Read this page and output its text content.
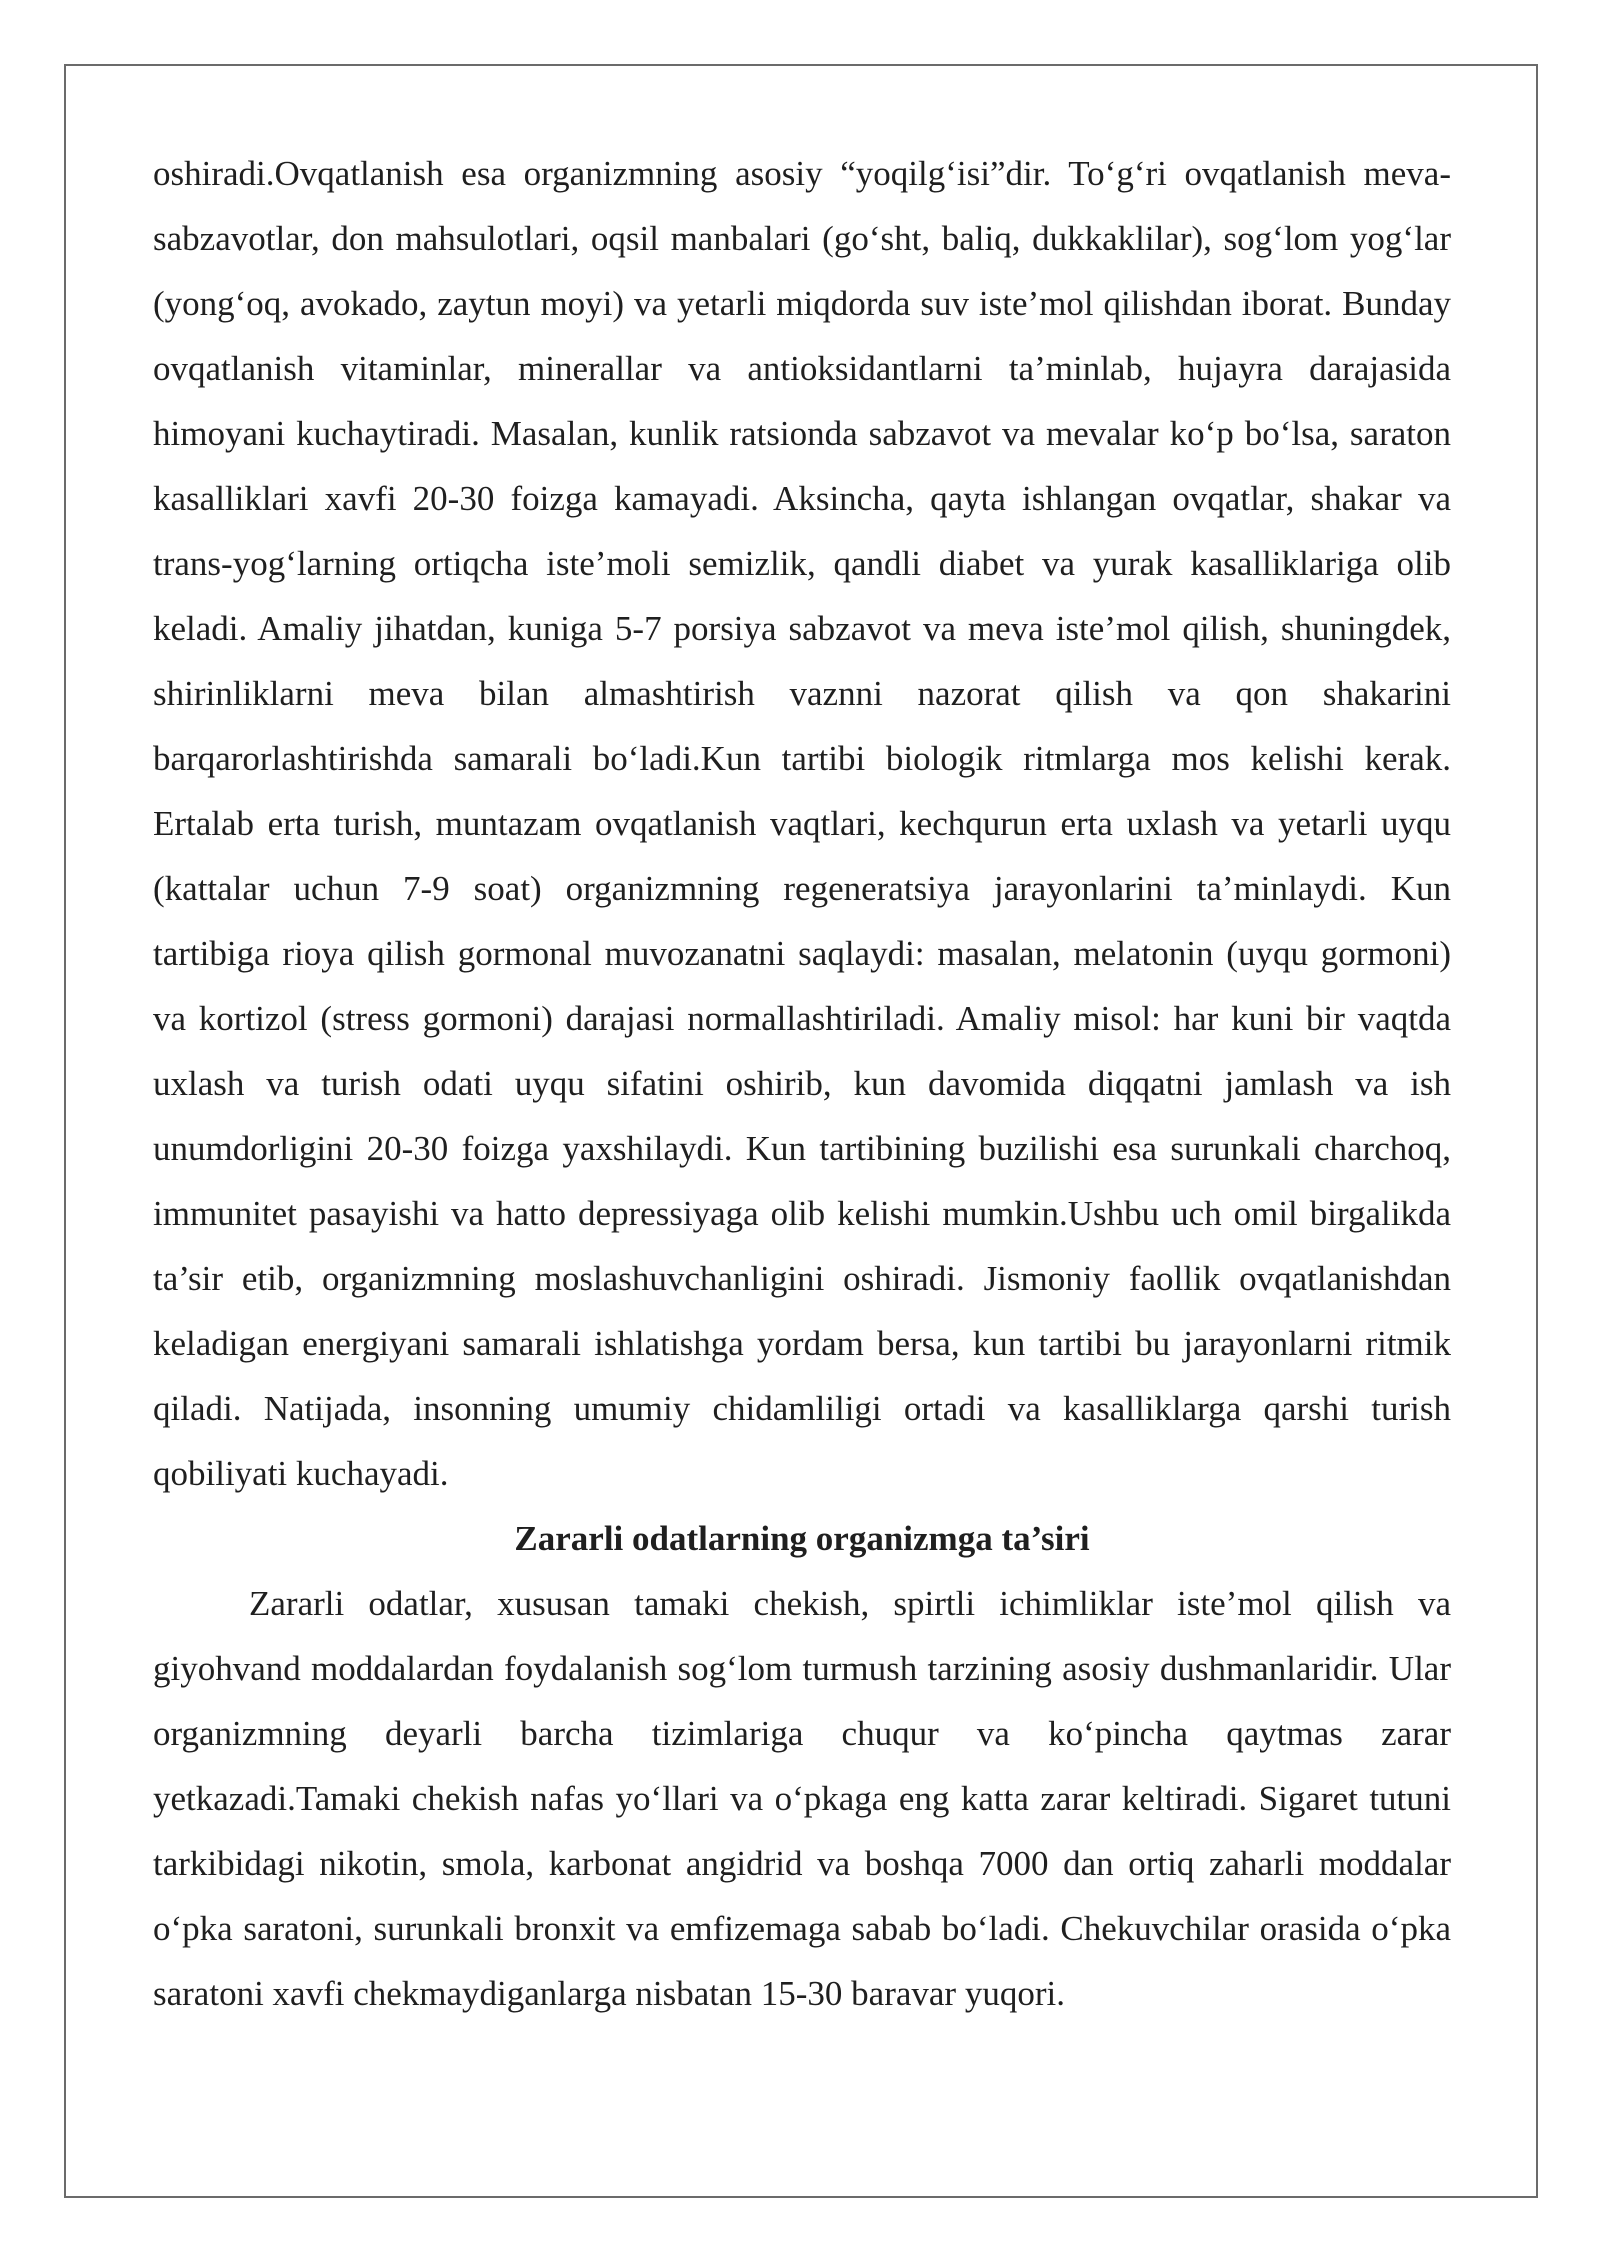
oshiradi.Ovqatlanish esa organizmning asosiy “yoqilg‘isi”dir. To‘g‘ri ovqatlanish meva-sabzavotlar, don mahsulotlari, oqsil manbalari (go‘sht, baliq, dukkaklilar), sog‘lom yog‘lar (yong‘oq, avokado, zaytun moyi) va yetarli miqdorda suv iste’mol qilishdan iborat. Bunday ovqatlanish vitaminlar, minerallar va antioksidantlarni ta’minlab, hujayra darajasida himoyani kuchaytiradi. Masalan, kunlik ratsionda sabzavot va mevalar ko‘p bo‘lsa, saraton kasalliklari xavfi 20-30 foizga kamayadi. Aksincha, qayta ishlangan ovqatlar, shakar va trans-yog‘larning ortiqcha iste’moli semizlik, qandli diabet va yurak kasalliklariga olib keladi. Amaliy jihatdan, kuniga 5-7 porsiya sabzavot va meva iste’mol qilish, shuningdek, shirinliklarni meva bilan almashtirish vaznni nazorat qilish va qon shakarini barqarorlashtirishda samarali bo‘ladi.Kun tartibi biologik ritmlarga mos kelishi kerak. Ertalab erta turish, muntazam ovqatlanish vaqtlari, kechqurun erta uxlash va yetarli uyqu (kattalar uchun 7-9 soat) organizmning regeneratsiya jarayonlarini ta’minlaydi. Kun tartibiga rioya qilish gormonal muvozanatni saqlaydi: masalan, melatonin (uyqu gormoni) va kortizol (stress gormoni) darajasi normallashtiriladi. Amaliy misol: har kuni bir vaqtda uxlash va turish odati uyqu sifatini oshirib, kun davomida diqqatni jamlash va ish unumdorligini 20-30 foizga yaxshilaydi. Kun tartibining buzilishi esa surunkali charchoq, immunitet pasayishi va hatto depressiyaga olib kelishi mumkin.Ushbu uch omil birgalikda ta’sir etib, organizmning moslashuvchanligini oshiradi. Jismoniy faollik ovqatlanishdan keladigan energiyani samarali ishlatishga yordam bersa, kun tartibi bu jarayonlarni ritmik qiladi. Natijada, insonning umumiy chidamliligi ortadi va kasalliklarga qarshi turish qobiliyati kuchayadi.

Zararli odatlarning organizmga ta’siri

Zararli odatlar, xususan tamaki chekish, spirtli ichimliklar iste’mol qilish va giyohvand moddalardan foydalanish sog‘lom turmush tarzining asosiy dushmanlaridir. Ular organizmning deyarli barcha tizimlariga chuqur va ko‘pincha qaytmas zarar yetkazadi.Tamaki chekish nafas yo‘llari va o‘pkaga eng katta zarar keltiradi. Sigaret tutuni tarkibidagi nikotin, smola, karbonat angidrid va boshqa 7000 dan ortiq zaharli moddalar o‘pka saratoni, surunkali bronxit va emfizemaga sabab bo‘ladi. Chekuvchilar orasida o‘pka saratoni xavfi chekmaydiganlarga nisbatan 15-30 baravar yuqori.
